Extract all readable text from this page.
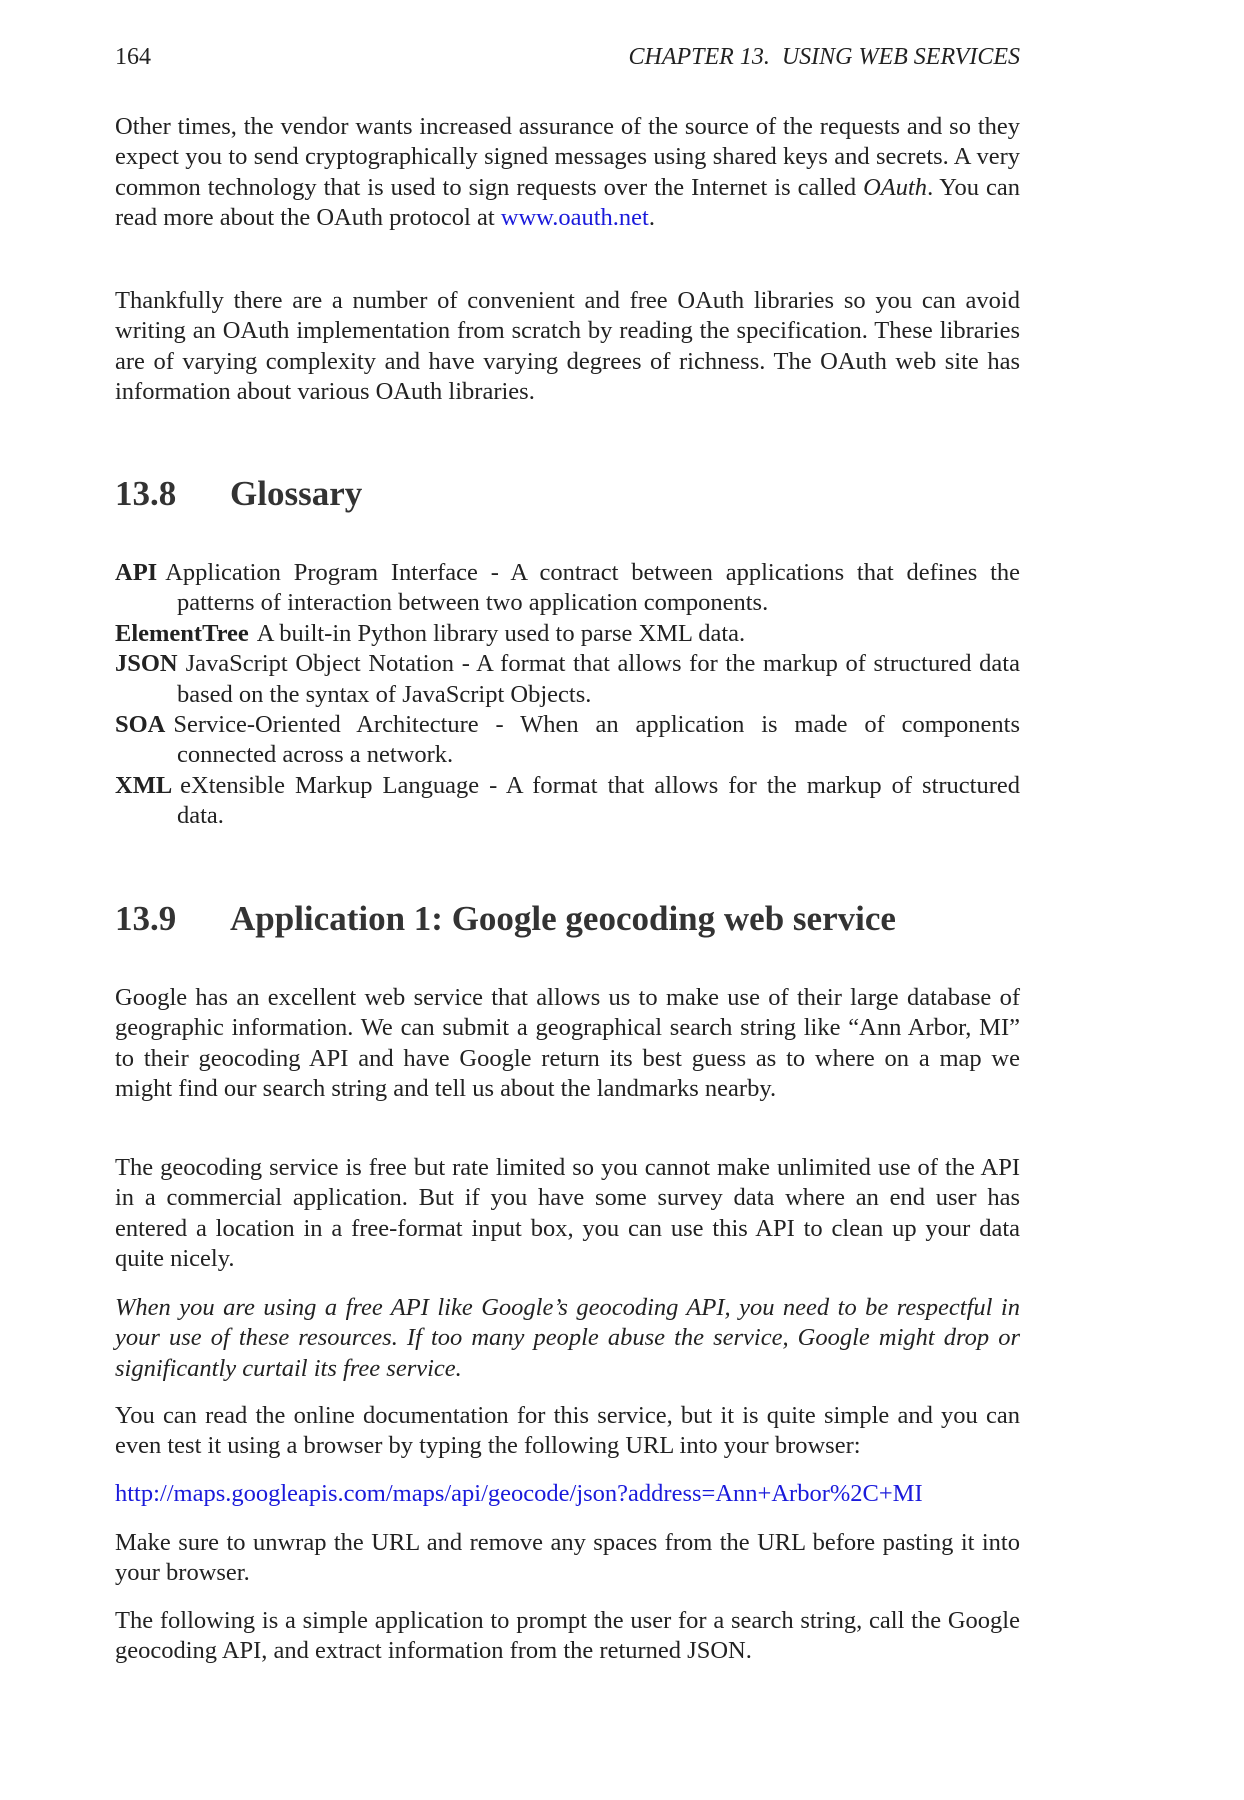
164	CHAPTER 13.  USING WEB SERVICES

Other times, the vendor wants increased assurance of the source of the requests and so they expect you to send cryptographically signed messages using shared keys and secrets. A very common technology that is used to sign requests over the Internet is called OAuth. You can read more about the OAuth protocol at www.oauth.net.

Thankfully there are a number of convenient and free OAuth libraries so you can avoid writing an OAuth implementation from scratch by reading the specification. These libraries are of varying complexity and have varying degrees of richness. The OAuth web site has information about various OAuth libraries.

13.8 Glossary

API Application Program Interface - A contract between applications that defines the patterns of interaction between two application components.

ElementTree A built-in Python library used to parse XML data.

JSON JavaScript Object Notation - A format that allows for the markup of structured data based on the syntax of JavaScript Objects.

SOA Service-Oriented Architecture - When an application is made of components connected across a network.

XML eXtensible Markup Language - A format that allows for the markup of structured data.

13.9 Application 1: Google geocoding web service

Google has an excellent web service that allows us to make use of their large database of geographic information. We can submit a geographical search string like “Ann Arbor, MI” to their geocoding API and have Google return its best guess as to where on a map we might find our search string and tell us about the landmarks nearby.

The geocoding service is free but rate limited so you cannot make unlimited use of the API in a commercial application. But if you have some survey data where an end user has entered a location in a free-format input box, you can use this API to clean up your data quite nicely.

When you are using a free API like Google’s geocoding API, you need to be respectful in your use of these resources. If too many people abuse the service, Google might drop or significantly curtail its free service.

You can read the online documentation for this service, but it is quite simple and you can even test it using a browser by typing the following URL into your browser:

http://maps.googleapis.com/maps/api/geocode/json?address=Ann+Arbor%2C+MI

Make sure to unwrap the URL and remove any spaces from the URL before pasting it into your browser.

The following is a simple application to prompt the user for a search string, call the Google geocoding API, and extract information from the returned JSON.
